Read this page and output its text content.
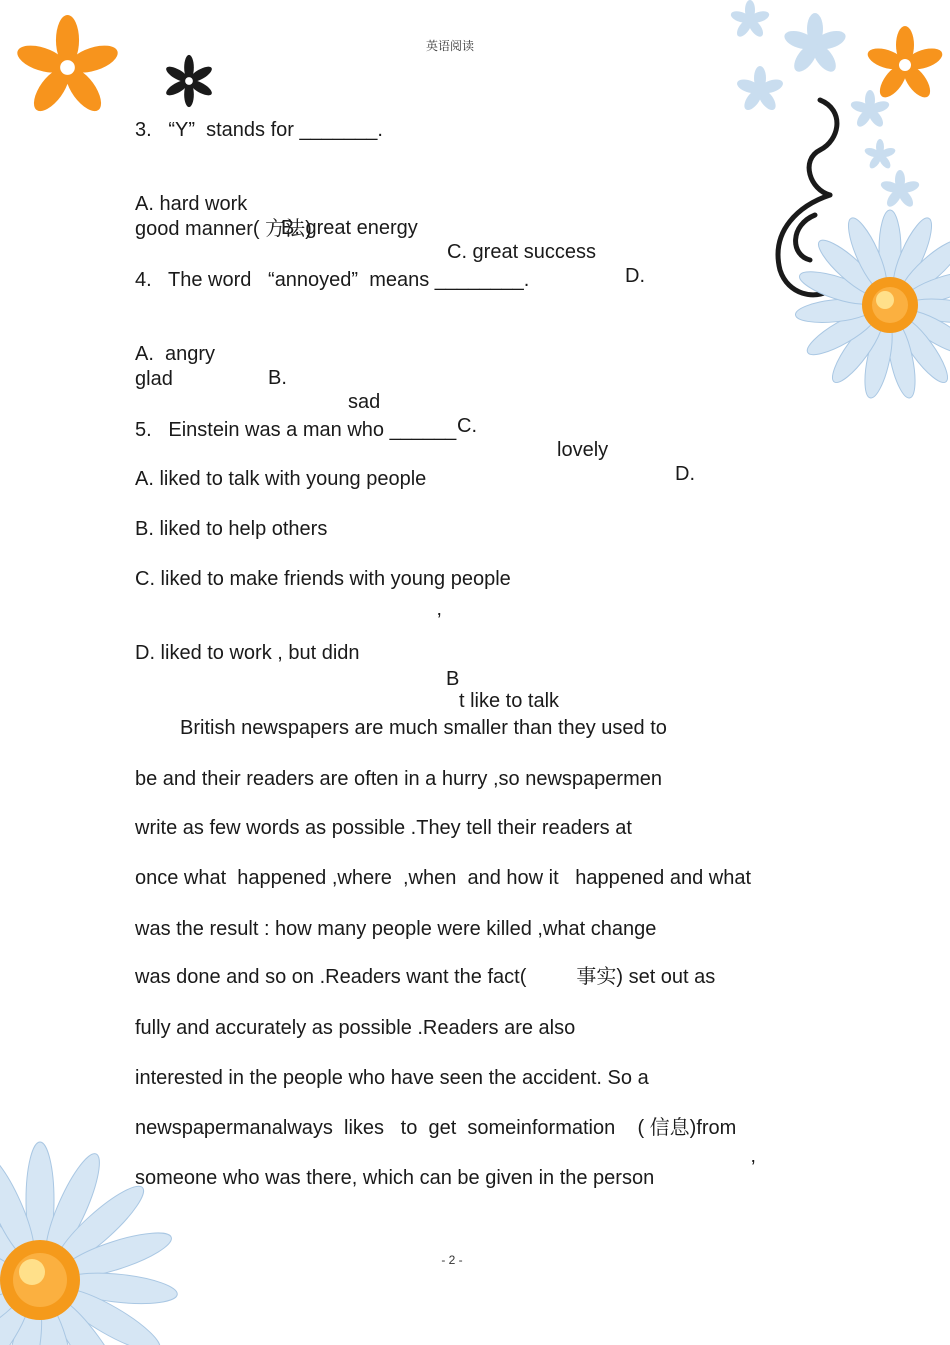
英语阅读
3.   “Y”  stands for _______.

A. hard work

B. great energy

C. great success

D.

good manner( 方法)
4.   The word   “annoyed”  means ________.

A.  angry

B.

sad

C.

lovely

D.

glad
5.   Einstein was a man who ______
A. liked to talk with young people
B. liked to help others
C. liked to make friends with young people

D. liked to work , but didn

’

t like to talk

B
British newspapers are much smaller than they used to
be and their readers are often in a hurry ,so newspapermen
write as few words as possible .They tell their readers at
once what  happened ,where  ,when  and how it   happened and what
was the result : how many people were killed ,what change
was done and so on .Readers want the fact(         事实) set out as
fully and accurately as possible .Readers are also
interested in the people who have seen the accident. So a
newspapermanalways  likes   to  get  someinformation    ( 信息)from
someone who was there, which can be given in the person	’
- 2 -
